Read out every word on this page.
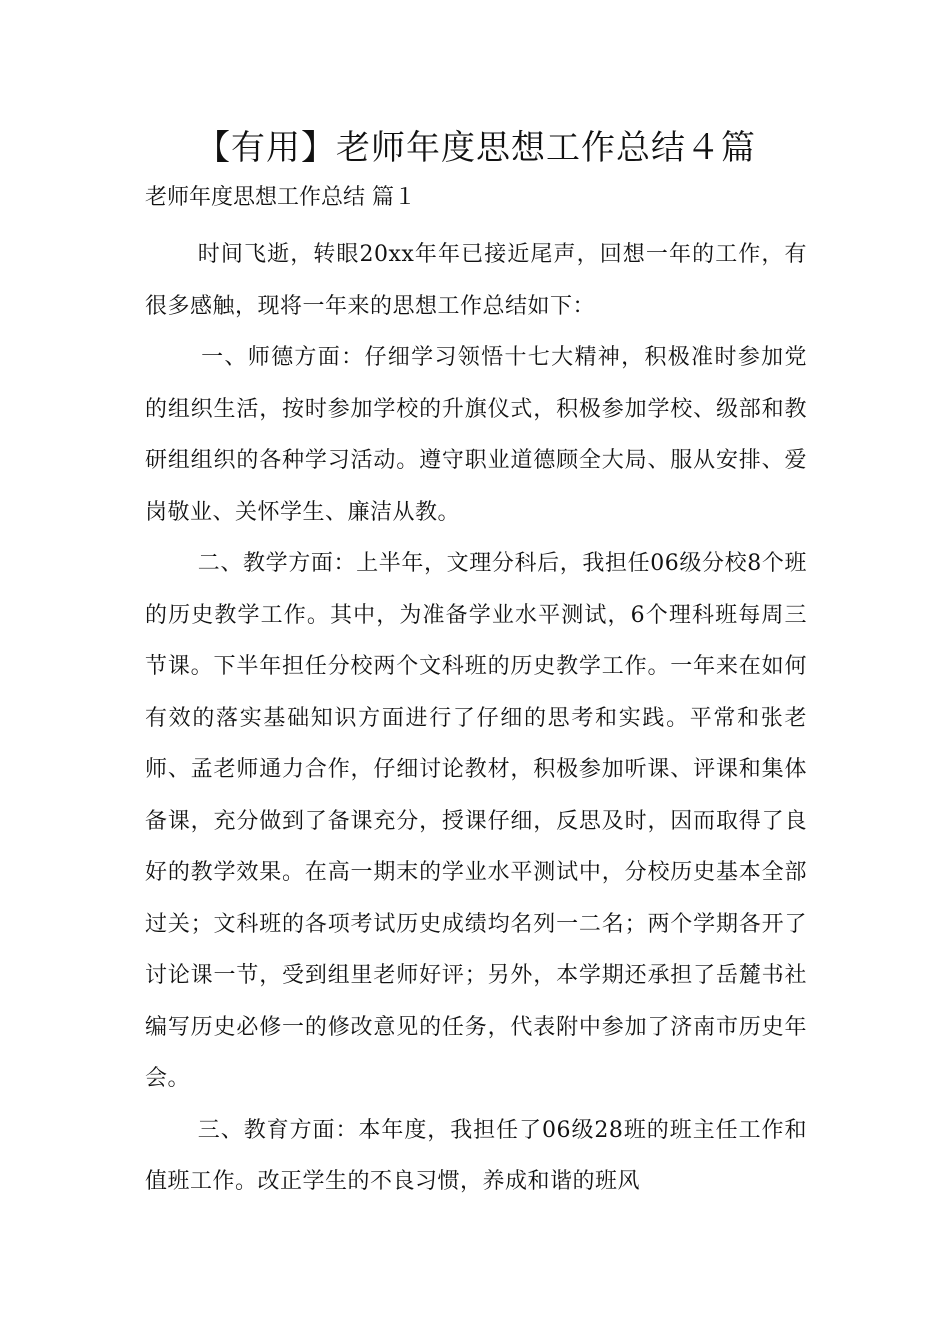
【有用】老师年度思想工作总结４篇
老师年度思想工作总结 篇１

时间飞逝，转眼20xx年年已接近尾声，回想一年的工作，有很多感触，现将一年来的思想工作总结如下：

一、师德方面：仔细学习领悟十七大精神，积极准时参加党的组织生活，按时参加学校的升旗仪式，积极参加学校、级部和教研组组织的各种学习活动。遵守职业道德顾全大局、服从安排、爱岗敬业、关怀学生、廉洁从教。

二、教学方面：上半年，文理分科后，我担任06级分校8个班的历史教学工作。其中，为准备学业水平测试，6个理科班每周三节课。下半年担任分校两个文科班的历史教学工作。一年来在如何有效的落实基础知识方面进行了仔细的思考和实践。平常和张老师、孟老师通力合作，仔细讨论教材，积极参加听课、评课和集体备课，充分做到了备课充分，授课仔细，反思及时，因而取得了良好的教学效果。在高一期末的学业水平测试中，分校历史基本全部过关；文科班的各项考试历史成绩均名列一二名；两个学期各开了讨论课一节，受到组里老师好评；另外，本学期还承担了岳麓书社编写历史必修一的修改意见的任务，代表附中参加了济南市历史年会。

三、教育方面：本年度，我担任了06级28班的班主任工作和值班工作。改正学生的不良习惯，养成和谐的班风
